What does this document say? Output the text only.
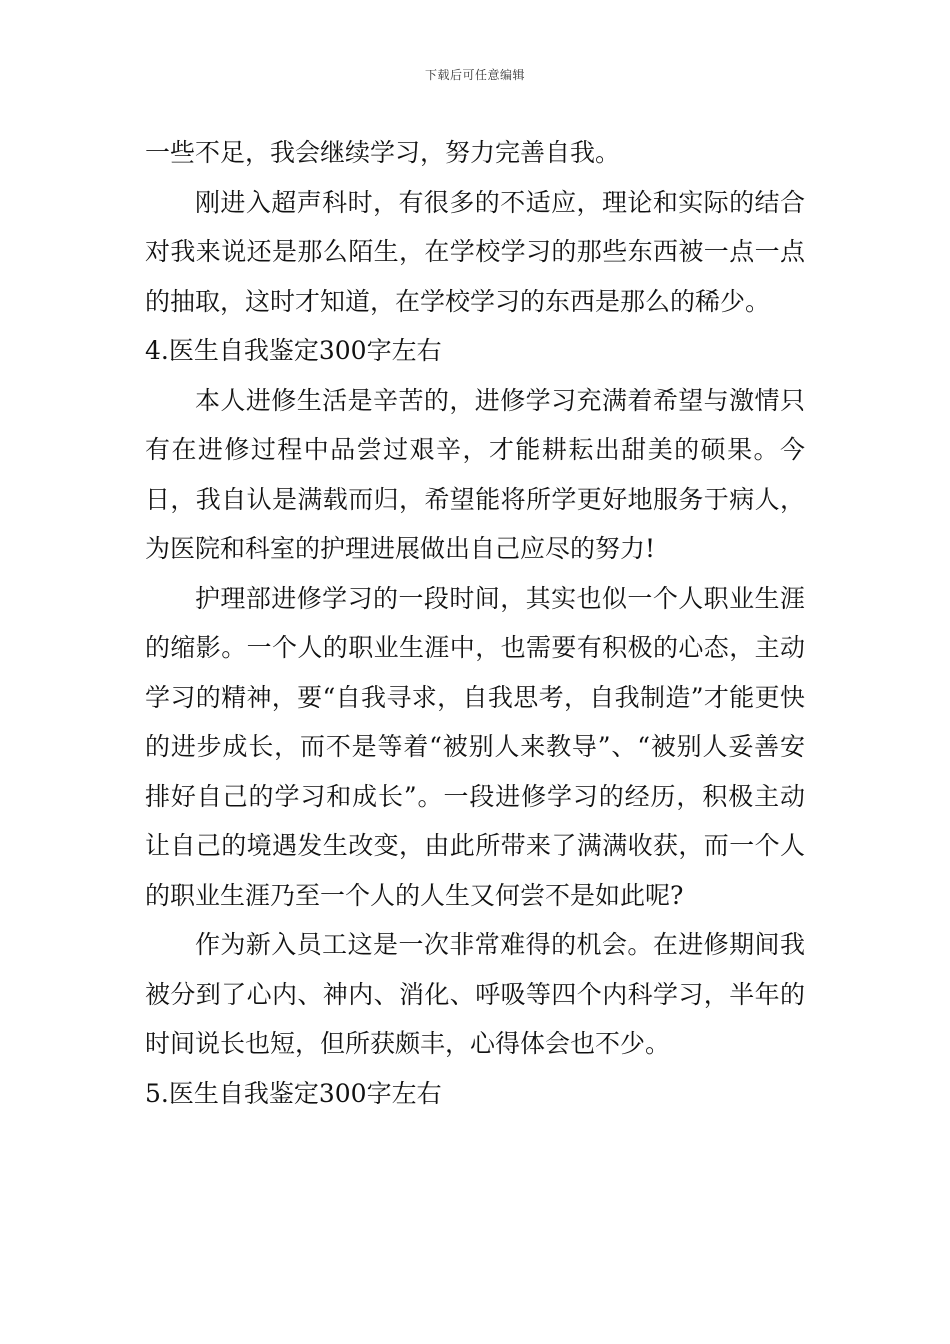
下载后可任意编辑

一些不足，我会继续学习，努力完善自我。

刚进入超声科时，有很多的不适应，理论和实际的结合对我来说还是那么陌生，在学校学习的那些东西被一点一点的抽取，这时才知道，在学校学习的东西是那么的稀少。

4.医生自我鉴定300字左右

本人进修生活是辛苦的，进修学习充满着希望与激情只有在进修过程中品尝过艰辛，才能耕耘出甜美的硕果。今日，我自认是满载而归，希望能将所学更好地服务于病人，为医院和科室的护理进展做出自己应尽的努力!

护理部进修学习的一段时间，其实也似一个人职业生涯的缩影。一个人的职业生涯中，也需要有积极的心态，主动学习的精神，要“自我寻求，自我思考，自我制造”才能更快的进步成长，而不是等着“被别人来教导”、“被别人妥善安排好自己的学习和成长”。一段进修学习的经历，积极主动让自己的境遇发生改变，由此所带来了满满收获，而一个人的职业生涯乃至一个人的人生又何尝不是如此呢?

作为新入员工这是一次非常难得的机会。在进修期间我被分到了心内、神内、消化、呼吸等四个内科学习，半年的时间说长也短，但所获颇丰，心得体会也不少。

5.医生自我鉴定300字左右
